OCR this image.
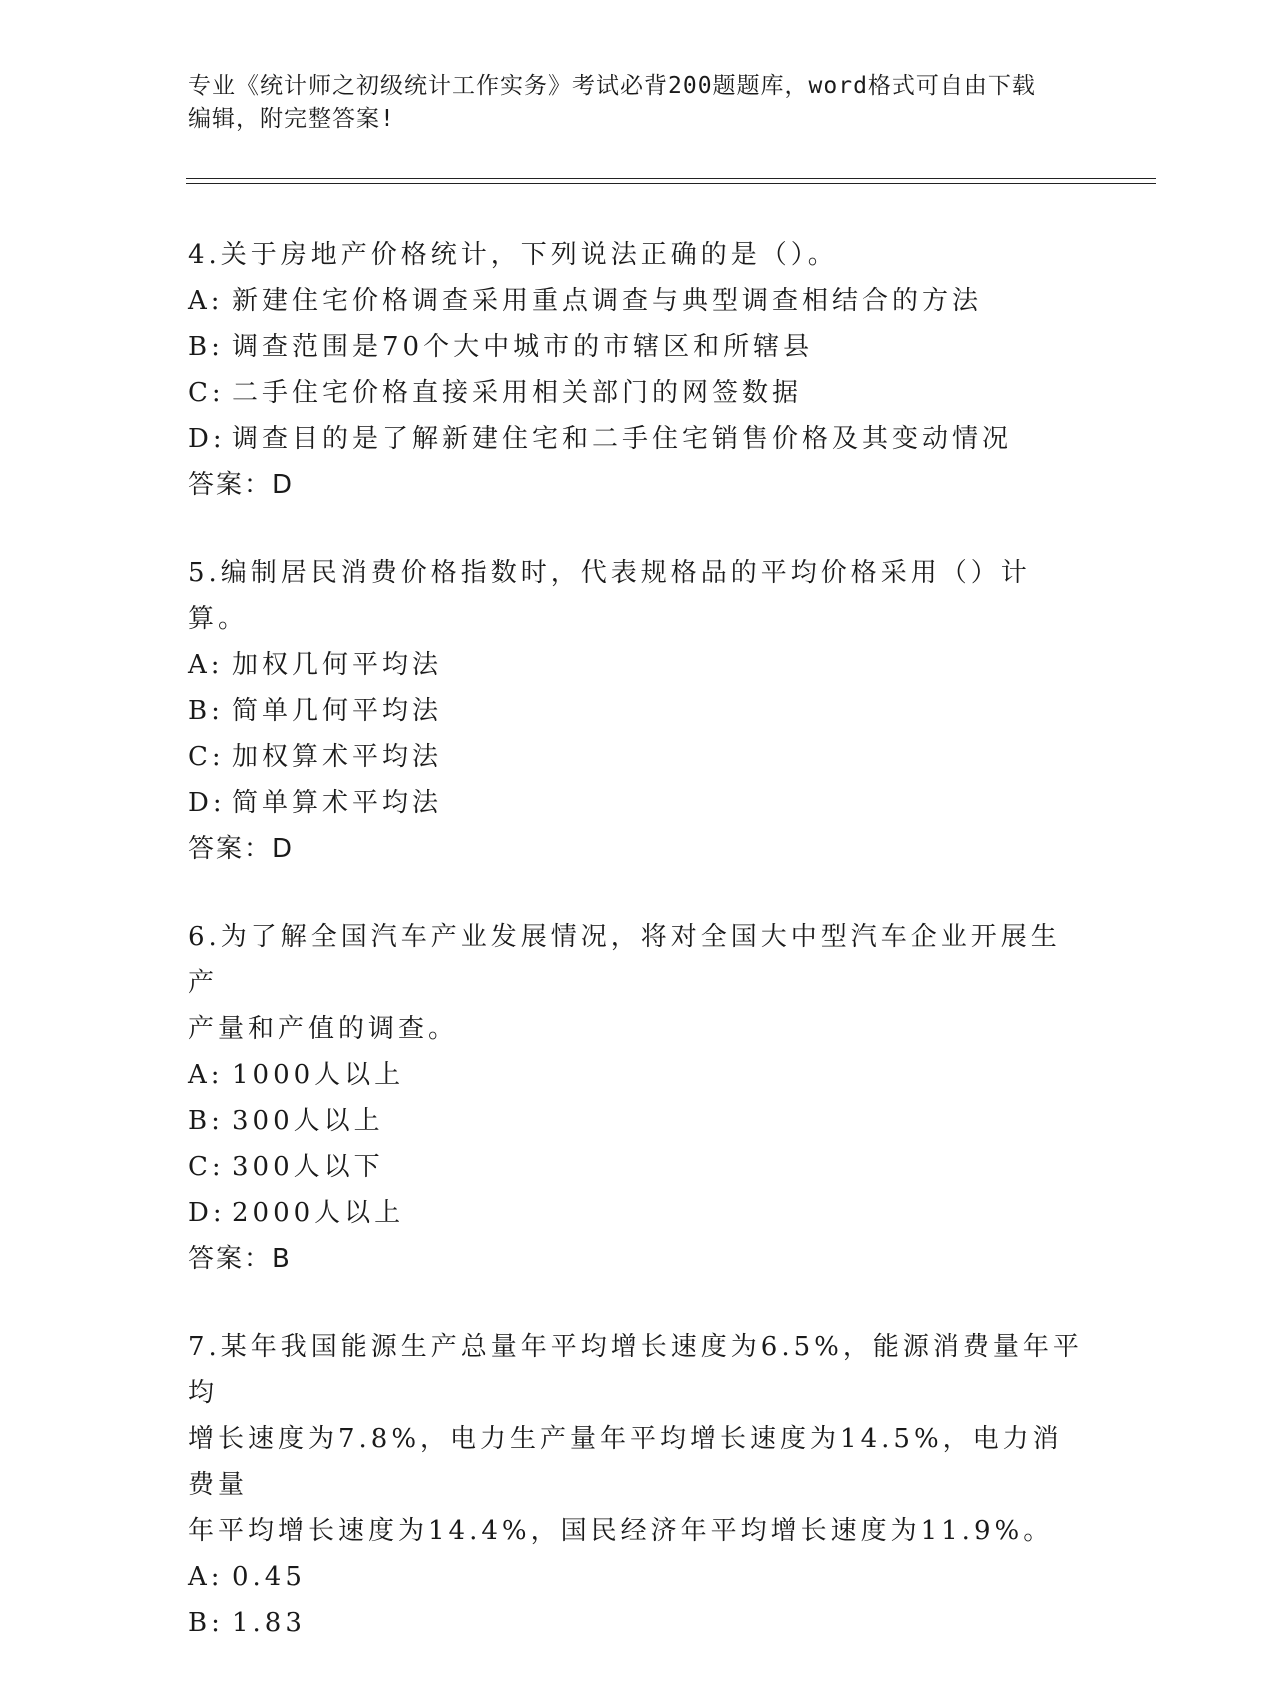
专业《统计师之初级统计工作实务》考试必背200题题库，word格式可自由下载
编辑，附完整答案!
4.关于房地产价格统计，下列说法正确的是（）。
A: 新建住宅价格调查采用重点调查与典型调查相结合的方法
B: 调查范围是70个大中城市的市辖区和所辖县
C: 二手住宅价格直接采用相关部门的网签数据
D: 调查目的是了解新建住宅和二手住宅销售价格及其变动情况
答案：D
5.编制居民消费价格指数时，代表规格品的平均价格采用（）计算。
A: 加权几何平均法
B: 简单几何平均法
C: 加权算术平均法
D: 简单算术平均法
答案：D
6.为了解全国汽车产业发展情况，将对全国大中型汽车企业开展生产
产量和产值的调查。
A: 1000人以上
B: 300人以上
C: 300人以下
D: 2000人以上
答案：B
7.某年我国能源生产总量年平均增长速度为6.5%，能源消费量年平均
增长速度为7.8%，电力生产量年平均增长速度为14.5%，电力消费量
年平均增长速度为14.4%，国民经济年平均增长速度为11.9%。
A: 0.45
B: 1.83
